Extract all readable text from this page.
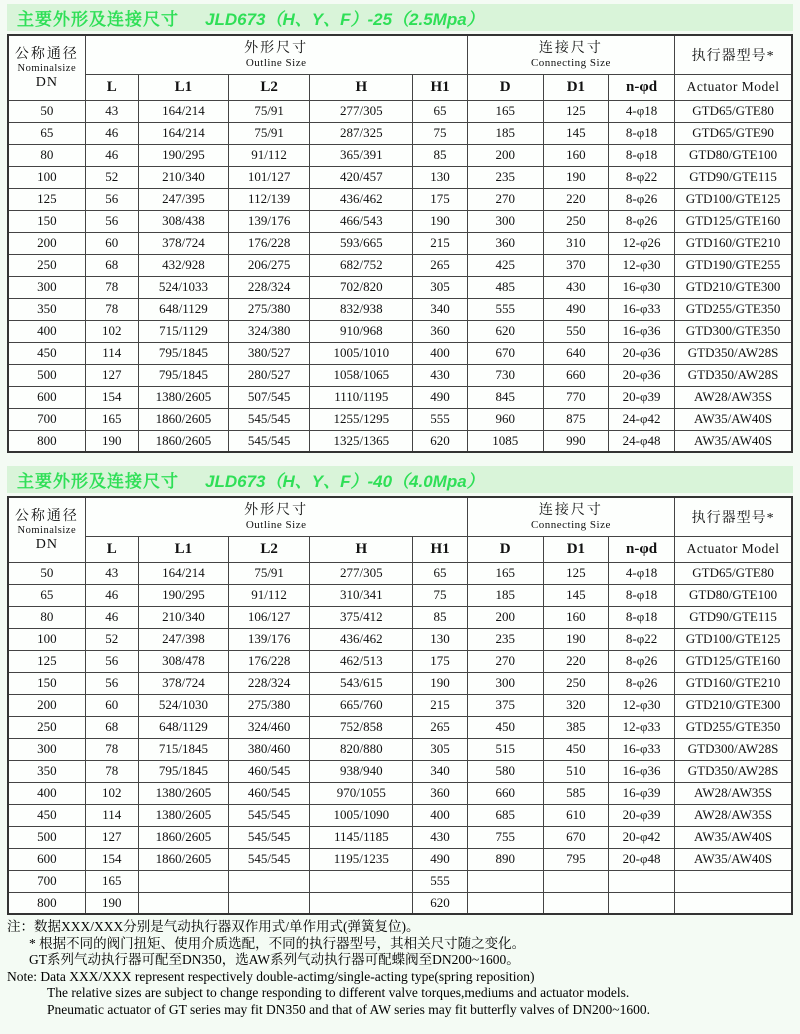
主要外形及连接尺寸 JLD673（H、Y、F）-25（2.5Mpa）
公称通径
Nominalsize
DN	外形尺寸
Outline Size					连接尺寸
Connecting Size			执行器型号*
	L	L1	L2	H	H1	D	D1	n-φd	Actuator Model
50	43	164/214	75/91	277/305	65	165	125	4-φ18	GTD65/GTE80
65	46	164/214	75/91	287/325	75	185	145	8-φ18	GTD65/GTE90
80	46	190/295	91/112	365/391	85	200	160	8-φ18	GTD80/GTE100
100	52	210/340	101/127	420/457	130	235	190	8-φ22	GTD90/GTE115
125	56	247/395	112/139	436/462	175	270	220	8-φ26	GTD100/GTE125
150	56	308/438	139/176	466/543	190	300	250	8-φ26	GTD125/GTE160
200	60	378/724	176/228	593/665	215	360	310	12-φ26	GTD160/GTE210
250	68	432/928	206/275	682/752	265	425	370	12-φ30	GTD190/GTE255
300	78	524/1033	228/324	702/820	305	485	430	16-φ30	GTD210/GTE300
350	78	648/1129	275/380	832/938	340	555	490	16-φ33	GTD255/GTE350
400	102	715/1129	324/380	910/968	360	620	550	16-φ36	GTD300/GTE350
450	114	795/1845	380/527	1005/1010	400	670	640	20-φ36	GTD350/AW28S
500	127	795/1845	280/527	1058/1065	430	730	660	20-φ36	GTD350/AW28S
600	154	1380/2605	507/545	1110/1195	490	845	770	20-φ39	AW28/AW35S
700	165	1860/2605	545/545	1255/1295	555	960	875	24-φ42	AW35/AW40S
800	190	1860/2605	545/545	1325/1365	620	1085	990	24-φ48	AW35/AW40S
主要外形及连接尺寸 JLD673（H、Y、F）-40（4.0Mpa）
公称通径
Nominalsize
DN	外形尺寸
Outline Size					连接尺寸
Connecting Size			执行器型号*
	L	L1	L2	H	H1	D	D1	n-φd	Actuator Model
50	43	164/214	75/91	277/305	65	165	125	4-φ18	GTD65/GTE80
65	46	190/295	91/112	310/341	75	185	145	8-φ18	GTD80/GTE100
80	46	210/340	106/127	375/412	85	200	160	8-φ18	GTD90/GTE115
100	52	247/398	139/176	436/462	130	235	190	8-φ22	GTD100/GTE125
125	56	308/478	176/228	462/513	175	270	220	8-φ26	GTD125/GTE160
150	56	378/724	228/324	543/615	190	300	250	8-φ26	GTD160/GTE210
200	60	524/1030	275/380	665/760	215	375	320	12-φ30	GTD210/GTE300
250	68	648/1129	324/460	752/858	265	450	385	12-φ33	GTD255/GTE350
300	78	715/1845	380/460	820/880	305	515	450	16-φ33	GTD300/AW28S
350	78	795/1845	460/545	938/940	340	580	510	16-φ36	GTD350/AW28S
400	102	1380/2605	460/545	970/1055	360	660	585	16-φ39	AW28/AW35S
450	114	1380/2605	545/545	1005/1090	400	685	610	20-φ39	AW28/AW35S
500	127	1860/2605	545/545	1145/1185	430	755	670	20-φ42	AW35/AW40S
600	154	1860/2605	545/545	1195/1235	490	890	795	20-φ48	AW35/AW40S
700	165				555				
800	190				620				
注：数据XXX/XXX分别是气动执行器双作用式/单作用式(弹簧复位)。
* 根据不同的阀门扭矩、使用介质选配，不同的执行器型号，其相关尺寸随之变化。
GT系列气动执行器可配至DN350，选AW系列气动执行器可配蝶阀至DN200~1600。
Note: Data XXX/XXX represent respectively double-actimg/single-acting type(spring reposition)
The relative sizes are subject to change responding to different valve torques,mediums and actuator models.
Pneumatic actuator of GT series may fit DN350 and that of AW series may fit butterfly valves of DN200~1600.
